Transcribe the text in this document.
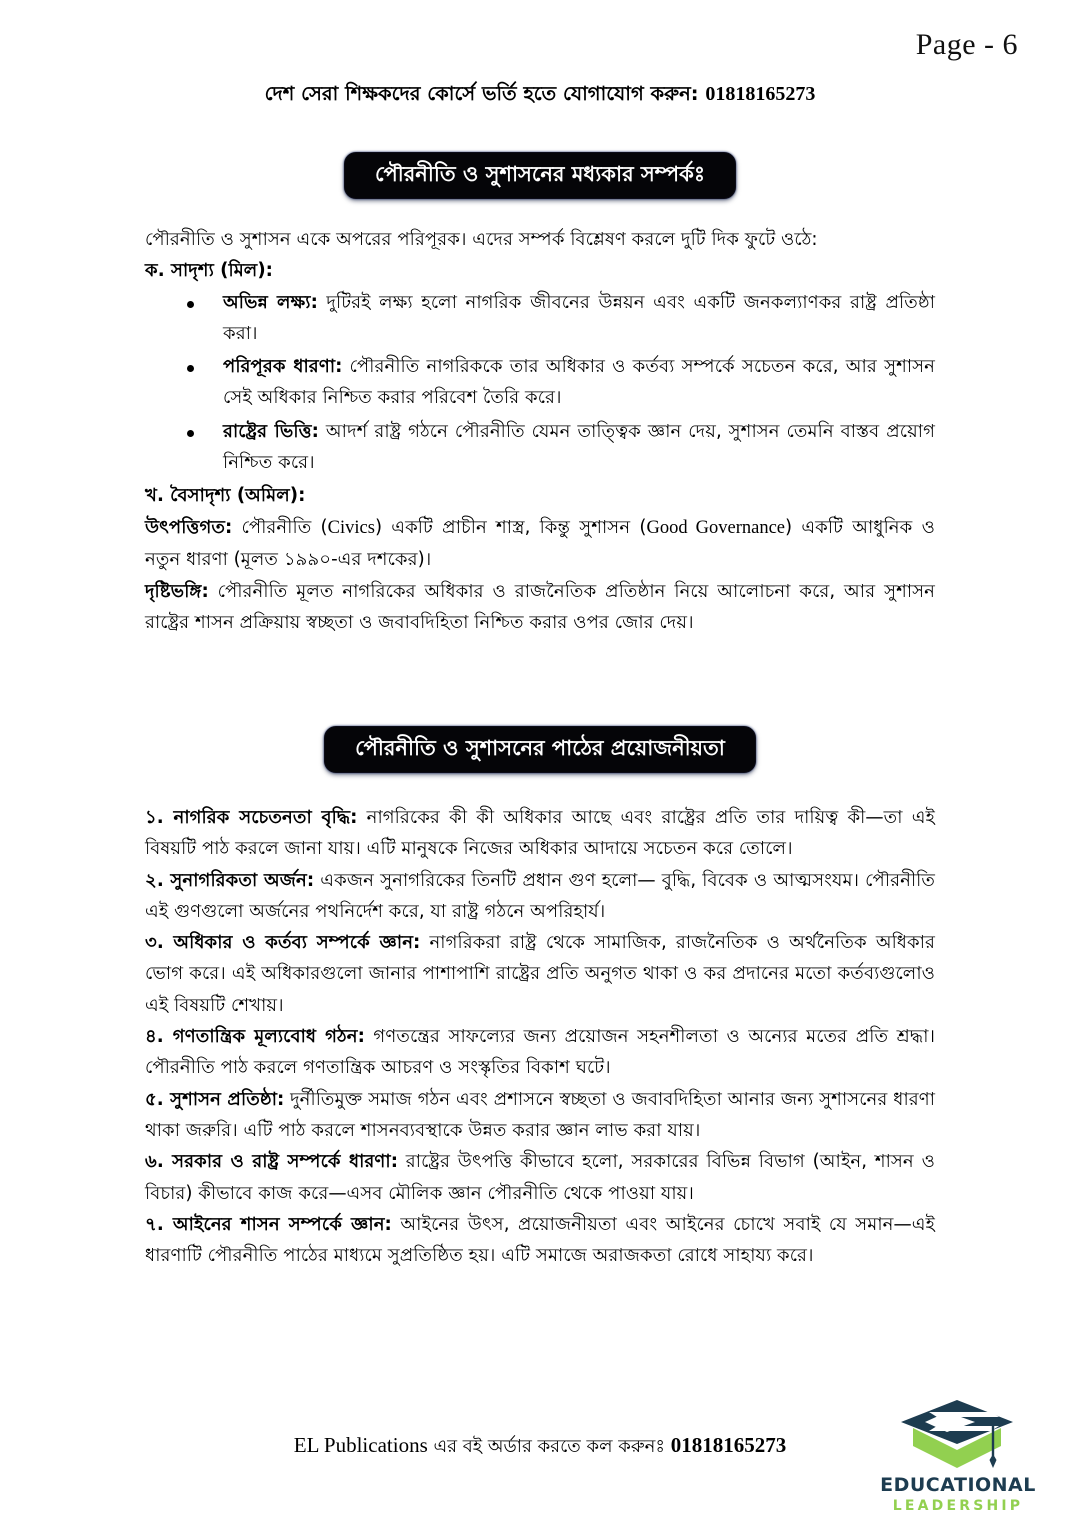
Page - 6
দেশ সেরা শিক্ষকদের কোর্সে ভর্তি হতে যোগাযোগ করুন: 01818165273
পৌরনীতি ও সুশাসনের মধ্যকার সম্পর্কঃ

পৌরনীতি ও সুশাসন একে অপরের পরিপূরক। এদের সম্পর্ক বিশ্লেষণ করলে দুটি দিক ফুটে ওঠে:

ক. সাদৃশ্য (মিল):

অভিন্ন লক্ষ্য: দুটিরই লক্ষ্য হলো নাগরিক জীবনের উন্নয়ন এবং একটি জনকল্যাণকর রাষ্ট্র প্রতিষ্ঠা করা।
পরিপূরক ধারণা: পৌরনীতি নাগরিককে তার অধিকার ও কর্তব্য সম্পর্কে সচেতন করে, আর সুশাসন সেই অধিকার নিশ্চিত করার পরিবেশ তৈরি করে।
রাষ্ট্রের ভিত্তি: আদর্শ রাষ্ট্র গঠনে পৌরনীতি যেমন তাত্ত্বিক জ্ঞান দেয়, সুশাসন তেমনি বাস্তব প্রয়োগ নিশ্চিত করে।

খ. বৈসাদৃশ্য (অমিল):

উৎপত্তিগত: পৌরনীতি (Civics) একটি প্রাচীন শাস্ত্র, কিন্তু সুশাসন (Good Governance) একটি আধুনিক ও নতুন ধারণা (মূলত ১৯৯০-এর দশকের)।

দৃষ্টিভঙ্গি: পৌরনীতি মূলত নাগরিকের অধিকার ও রাজনৈতিক প্রতিষ্ঠান নিয়ে আলোচনা করে, আর সুশাসন রাষ্ট্রের শাসন প্রক্রিয়ায় স্বচ্ছতা ও জবাবদিহিতা নিশ্চিত করার ওপর জোর দেয়।

পৌরনীতি ও সুশাসনের পাঠের প্রয়োজনীয়তা
১. নাগরিক সচেতনতা বৃদ্ধি: নাগরিকের কী কী অধিকার আছে এবং রাষ্ট্রের প্রতি তার দায়িত্ব কী—তা এই বিষয়টি পাঠ করলে জানা যায়। এটি মানুষকে নিজের অধিকার আদায়ে সচেতন করে তোলে।
২. সুনাগরিকতা অর্জন: একজন সুনাগরিকের তিনটি প্রধান গুণ হলো— বুদ্ধি, বিবেক ও আত্মসংযম। পৌরনীতি এই গুণগুলো অর্জনের পথনির্দেশ করে, যা রাষ্ট্র গঠনে অপরিহার্য।
৩. অধিকার ও কর্তব্য সম্পর্কে জ্ঞান: নাগরিকরা রাষ্ট্র থেকে সামাজিক, রাজনৈতিক ও অর্থনৈতিক অধিকার ভোগ করে। এই অধিকারগুলো জানার পাশাপাশি রাষ্ট্রের প্রতি অনুগত থাকা ও কর প্রদানের মতো কর্তব্যগুলোও এই বিষয়টি শেখায়।
৪. গণতান্ত্রিক মূল্যবোধ গঠন: গণতন্ত্রের সাফল্যের জন্য প্রয়োজন সহনশীলতা ও অন্যের মতের প্রতি শ্রদ্ধা। পৌরনীতি পাঠ করলে গণতান্ত্রিক আচরণ ও সংস্কৃতির বিকাশ ঘটে।
৫. সুশাসন প্রতিষ্ঠা: দুর্নীতিমুক্ত সমাজ গঠন এবং প্রশাসনে স্বচ্ছতা ও জবাবদিহিতা আনার জন্য সুশাসনের ধারণা থাকা জরুরি। এটি পাঠ করলে শাসনব্যবস্থাকে উন্নত করার জ্ঞান লাভ করা যায়।
৬. সরকার ও রাষ্ট্র সম্পর্কে ধারণা: রাষ্ট্রের উৎপত্তি কীভাবে হলো, সরকারের বিভিন্ন বিভাগ (আইন, শাসন ও বিচার) কীভাবে কাজ করে—এসব মৌলিক জ্ঞান পৌরনীতি থেকে পাওয়া যায়।
৭. আইনের শাসন সম্পর্কে জ্ঞান: আইনের উৎস, প্রয়োজনীয়তা এবং আইনের চোখে সবাই যে সমান—এই ধারণাটি পৌরনীতি পাঠের মাধ্যমে সুপ্রতিষ্ঠিত হয়। এটি সমাজে অরাজকতা রোধে সাহায্য করে।
EL Publications এর বই অর্ডার করতে কল করুনঃ 01818165273
EDUCATIONAL
LEADERSHIP
